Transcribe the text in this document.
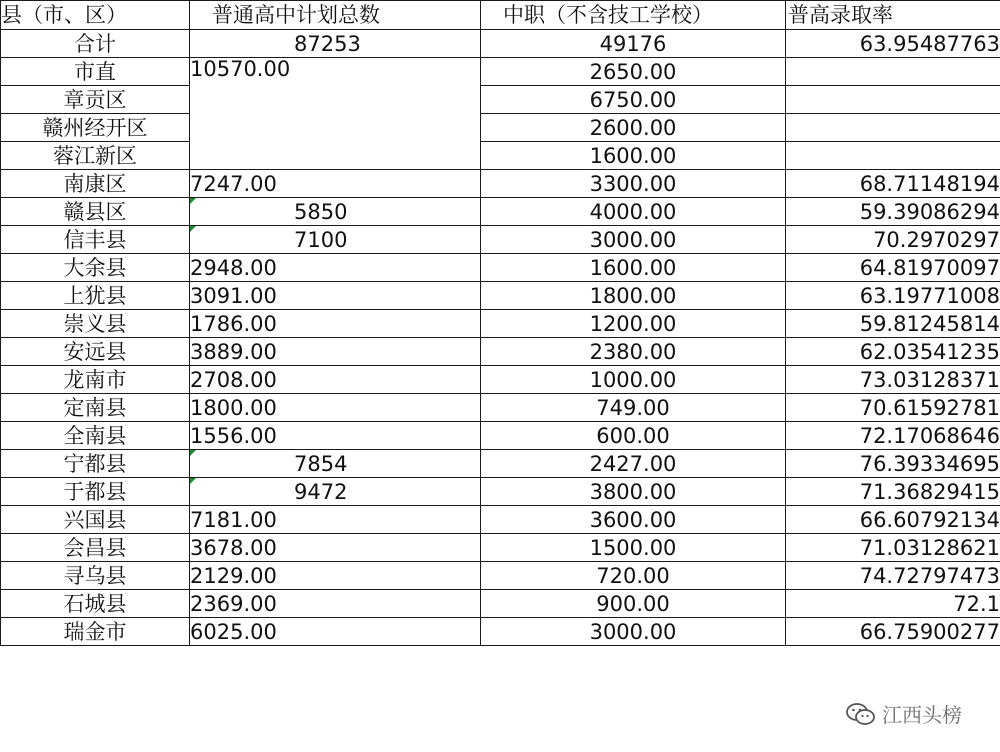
县（市、区）	普通高中计划总数	中职（不含技工学校）	普高录取率
合计	87253	49176	63.95487763
市直	10570.00	2650.00	
章贡区		6750.00	
赣州经开区		2600.00	
蓉江新区		1600.00	
南康区	7247.00	3300.00	68.71148194
赣县区	5850	4000.00	59.39086294
信丰县	7100	3000.00	70.2970297
大余县	2948.00	1600.00	64.81970097
上犹县	3091.00	1800.00	63.19771008
崇义县	1786.00	1200.00	59.81245814
安远县	3889.00	2380.00	62.03541235
龙南市	2708.00	1000.00	73.03128371
定南县	1800.00	749.00	70.61592781
全南县	1556.00	600.00	72.17068646
宁都县	7854	2427.00	76.39334695
于都县	9472	3800.00	71.36829415
兴国县	7181.00	3600.00	66.60792134
会昌县	3678.00	1500.00	71.03128621
寻乌县	2129.00	720.00	74.72797473
石城县	2369.00	900.00	72.1
瑞金市	6025.00	3000.00	66.75900277
江西头榜
